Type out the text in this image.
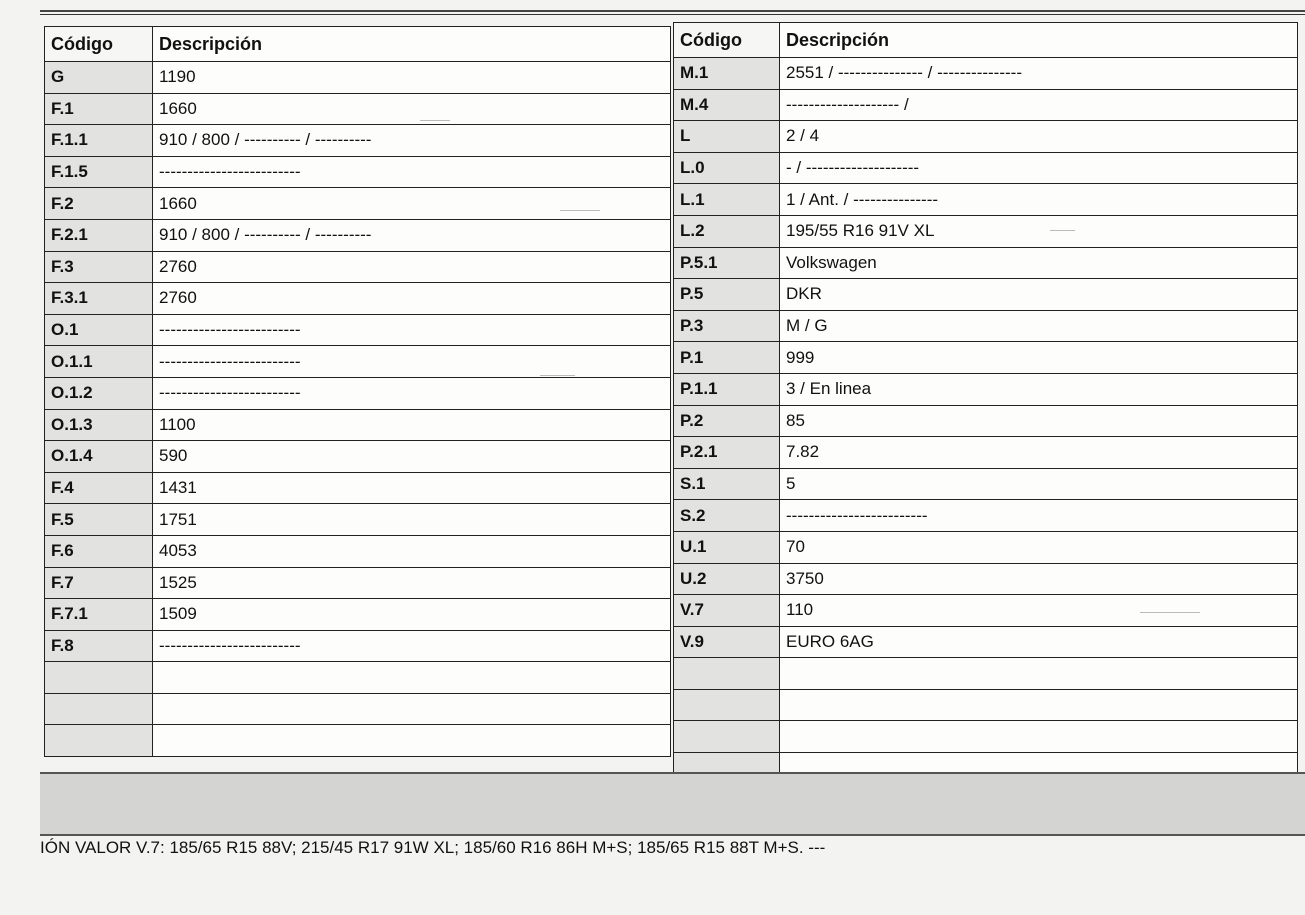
Código	Descripción
G	1190
F.1	1660
F.1.1	910 / 800 / ---------- / ----------
F.1.5	-------------------------
F.2	1660
F.2.1	910 / 800 / ---------- / ----------
F.3	2760
F.3.1	2760
O.1	-------------------------
O.1.1	-------------------------
O.1.2	-------------------------
O.1.3	1100
O.1.4	590
F.4	1431
F.5	1751
F.6	4053
F.7	1525
F.7.1	1509
F.8	-------------------------

Código	Descripción
M.1	2551 / --------------- / ---------------
M.4	-------------------- /
L	2 / 4
L.0	- / --------------------
L.1	1 / Ant. / ---------------
L.2	195/55 R16 91V XL
P.5.1	Volkswagen
P.5	DKR
P.3	M / G
P.1	999
P.1.1	3 / En linea
P.2	85
P.2.1	7.82
S.1	5
S.2	-------------------------
U.1	70
U.2	3750
V.7	110
V.9	EURO 6AG

IÓN VALOR V.7: 185/65 R15 88V; 215/45 R17 91W XL; 185/60 R16 86H M+S; 185/65 R15 88T M+S. ---
